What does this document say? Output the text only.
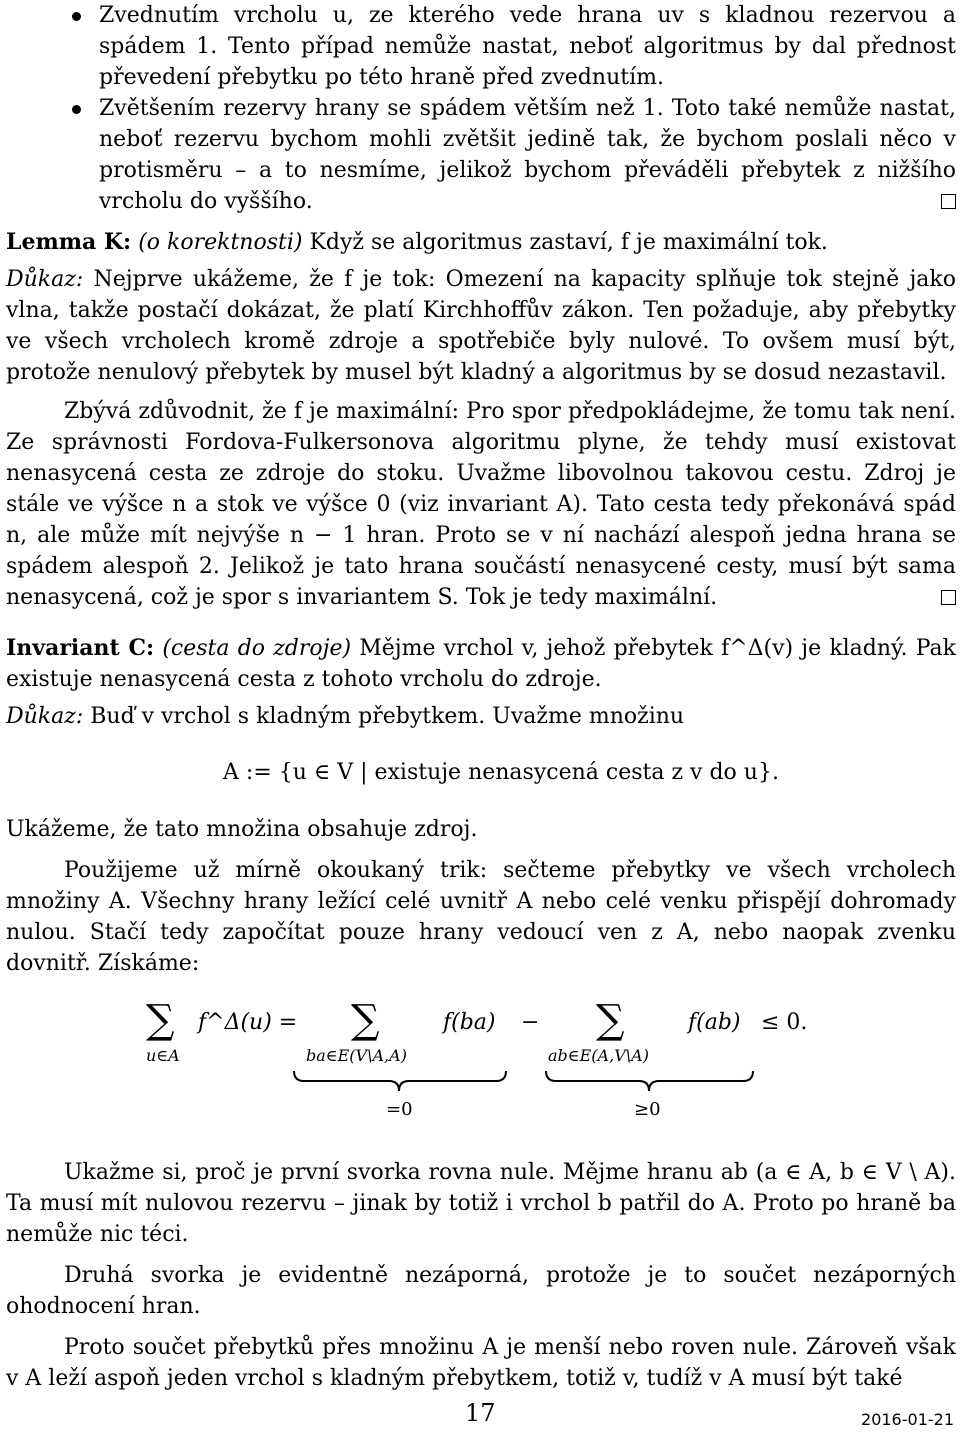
Zvednutím vrcholu u, ze kterého vede hrana uv s kladnou rezervou a spádem 1. Tento případ nemůže nastat, neboť algoritmus by dal přednost převedení přebytku po této hraně před zvednutím.
Zvětšením rezervy hrany se spádem větším než 1. Toto také nemůže nastat, neboť rezervu bychom mohli zvětšit jedině tak, že bychom poslali něco v protisměru – a to nesmíme, jelikož bychom převáděli přebytek z nižšího vrcholu do vyššího.

Lemma K: (o korektnosti) Když se algoritmus zastaví, f je maximální tok.

Důkaz: Nejprve ukážeme, že f je tok: Omezení na kapacity splňuje tok stejně jako vlna, takže postačí dokázat, že platí Kirchhoffův zákon. Ten požaduje, aby přebytky ve všech vrcholech kromě zdroje a spotřebiče byly nulové. To ovšem musí být, protože nenulový přebytek by musel být kladný a algoritmus by se dosud nezastavil.

Zbývá zdůvodnit, že f je maximální: Pro spor předpokládejme, že tomu tak není. Ze správnosti Fordova-Fulkersonova algoritmu plyne, že tehdy musí existovat nenasycená cesta ze zdroje do stoku. Uvažme libovolnou takovou cestu. Zdroj je stále ve výšce n a stok ve výšce 0 (viz invariant A). Tato cesta tedy překonává spád n, ale může mít nejvýše n − 1 hran. Proto se v ní nachází alespoň jedna hrana se spádem alespoň 2. Jelikož je tato hrana součástí nenasycené cesty, musí být sama nenasycená, což je spor s invariantem S. Tok je tedy maximální.

Invariant C: (cesta do zdroje) Mějme vrchol v, jehož přebytek f^Δ(v) je kladný. Pak existuje nenasycená cesta z tohoto vrcholu do zdroje.

Důkaz: Buď v vrchol s kladným přebytkem. Uvažme množinu

A := {u ∈ V | existuje nenasycená cesta z v do u}.

Ukážeme, že tato množina obsahuje zdroj.

Použijeme už mírně okoukaný trik: sečteme přebytky ve všech vrcholech množiny A. Všechny hrany ležící celé uvnitř A nebo celé venku přispějí dohromady nulou. Stačí tedy započítat pouze hrany vedoucí ven z A, nebo naopak zvenku dovnitř. Získáme:

∑	∑	∑
u∈A	ba∈E(V\A,A)	ab∈E(A,V\A)
f^Δ(u) =	f(ba) −	f(ab) ≤ 0.
=0	≥0

Ukažme si, proč je první svorka rovna nule. Mějme hranu ab (a ∈ A, b ∈ V \ A). Ta musí mít nulovou rezervu – jinak by totiž i vrchol b patřil do A. Proto po hraně ba nemůže nic téci.

Druhá svorka je evidentně nezáporná, protože je to součet nezáporných ohodnocení hran.

Proto součet přebytků přes množinu A je menší nebo roven nule. Zároveň však v A leží aspoň jeden vrchol s kladným přebytkem, totiž v, tudíž v A musí být také

17	2016-01-21
